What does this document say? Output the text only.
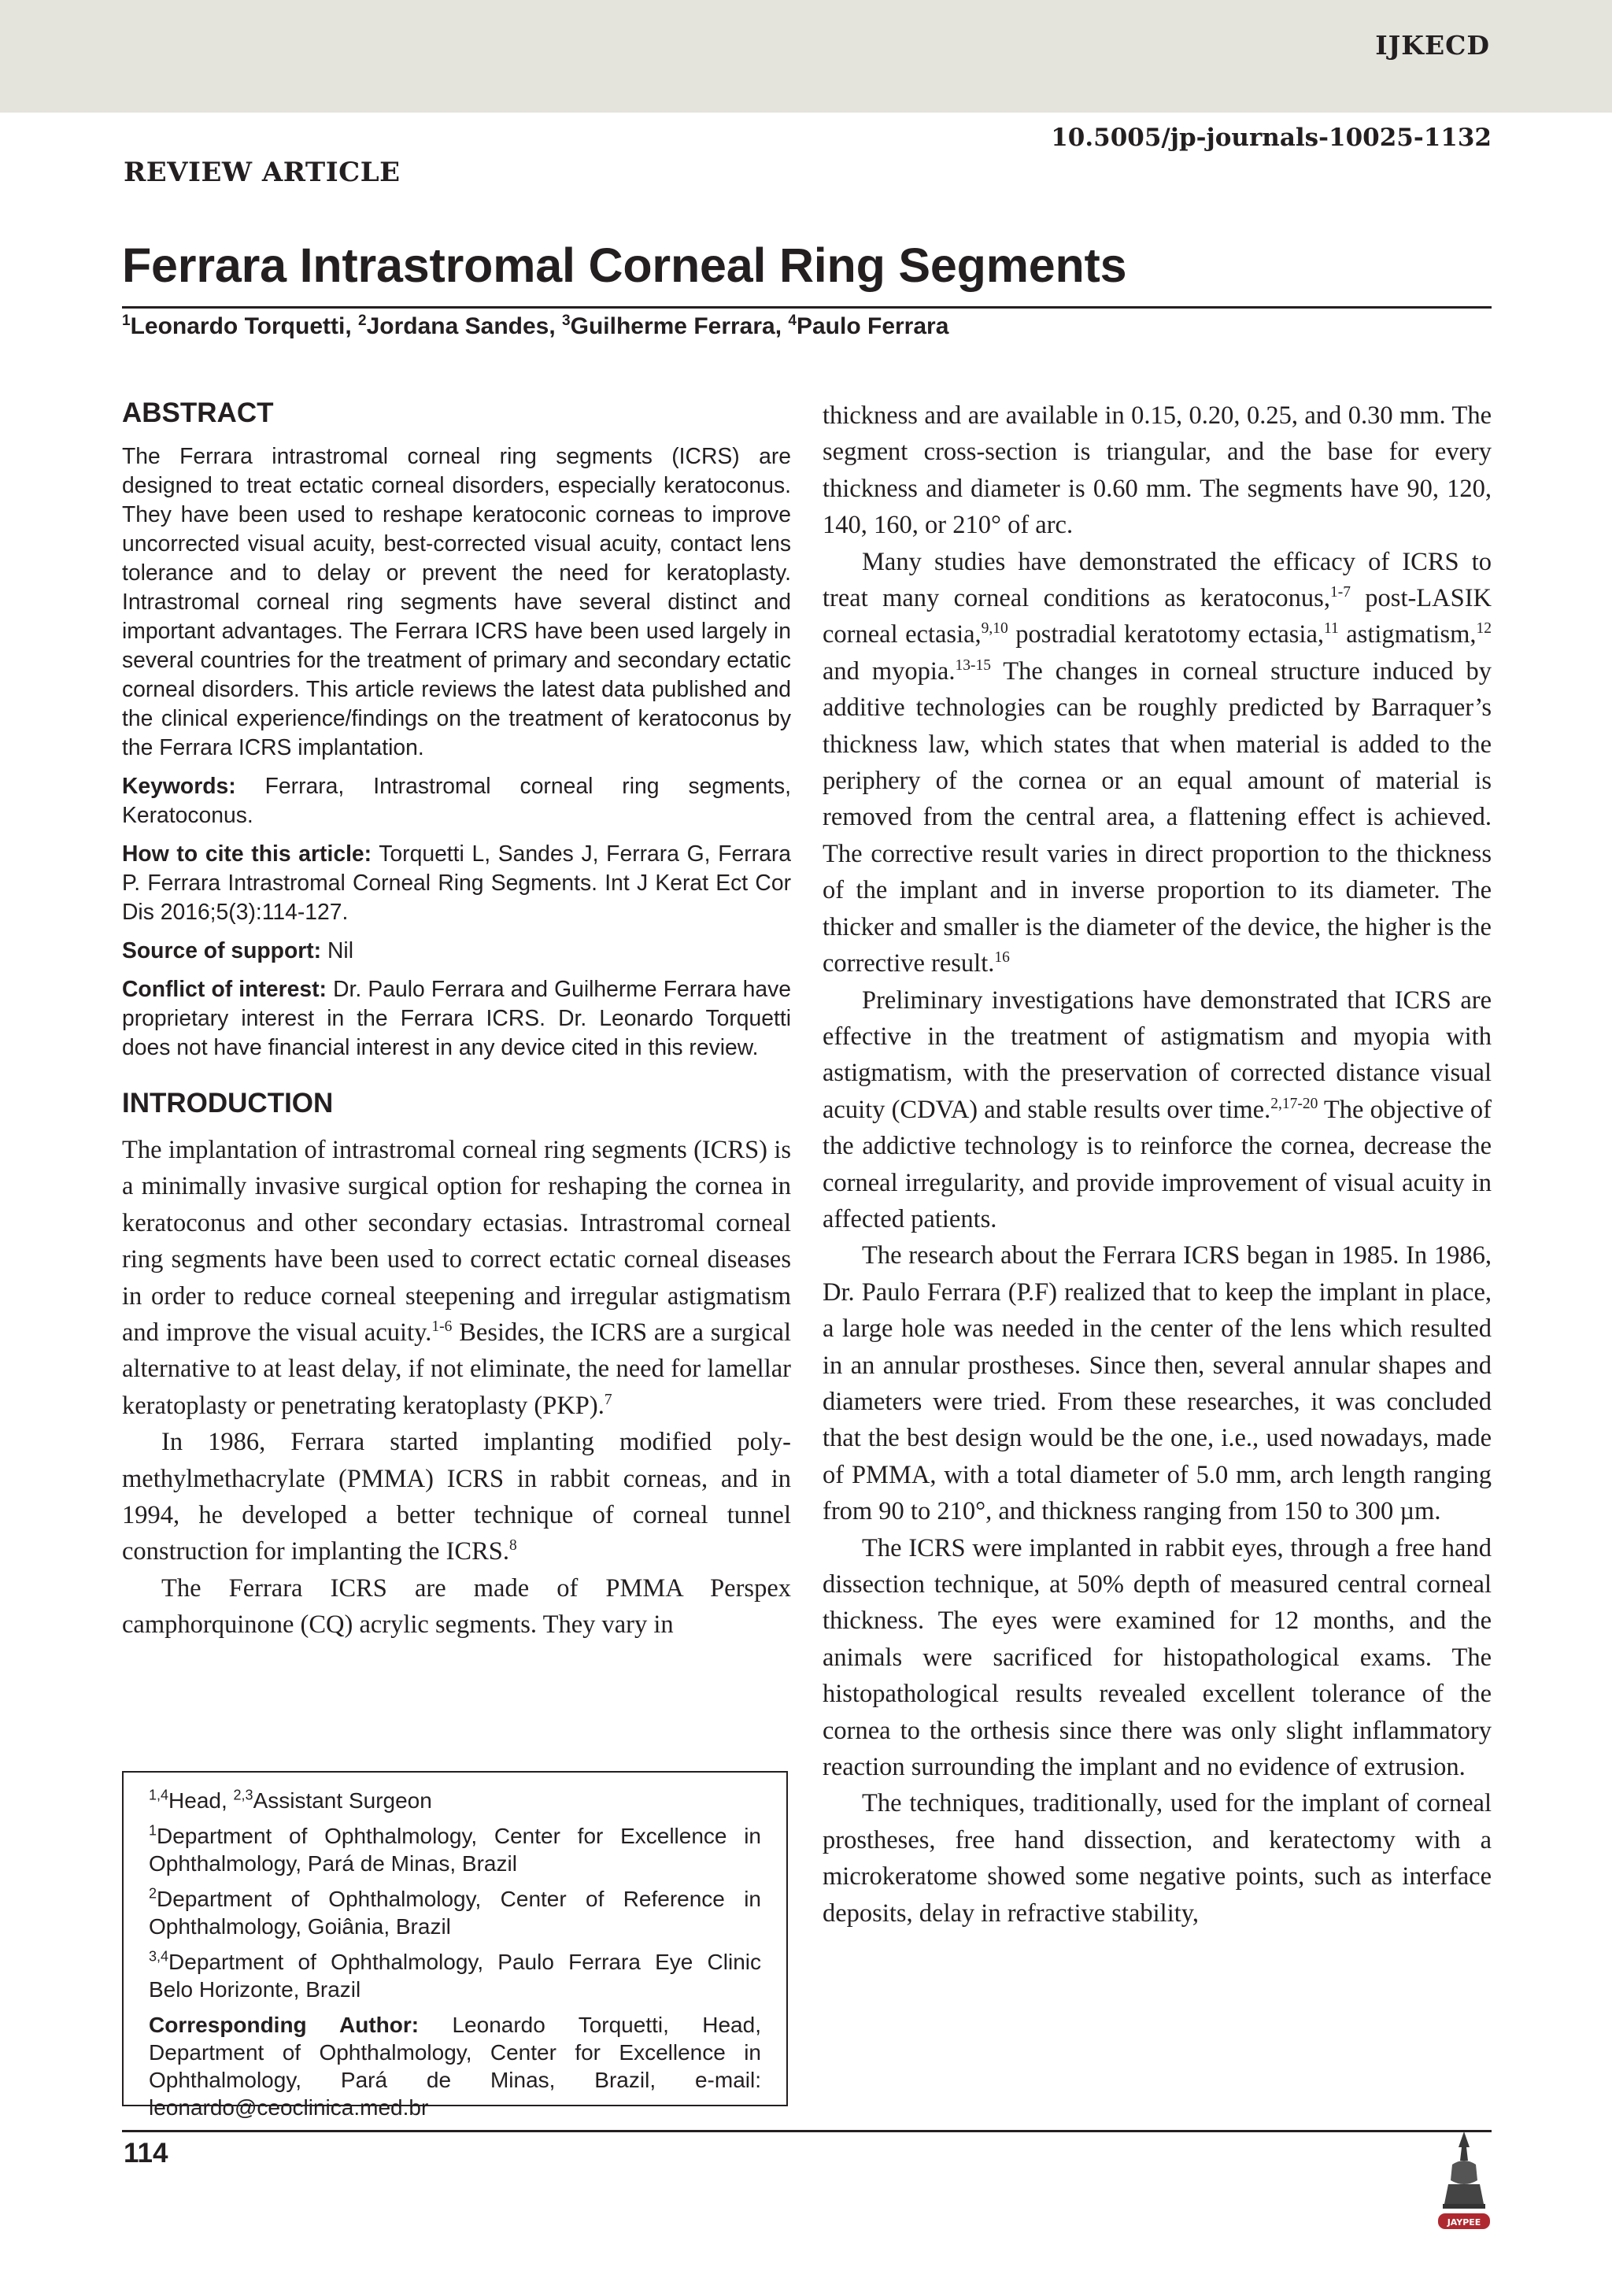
IJKECD
10.5005/jp-journals-10025-1132
REVIEW ARTICLE
Ferrara Intrastromal Corneal Ring Segments
$^1$Leonardo Torquetti, $^2$Jordana Sandes, $^3$Guilherme Ferrara, $^4$Paulo Ferrara
ABSTRACT

The Ferrara intrastromal corneal ring segments (ICRS) are designed to treat ectatic corneal disorders, especially keratoconus. They have been used to reshape keratoconic corneas to improve uncorrected visual acuity, best-corrected visual acuity, contact lens tolerance and to delay or prevent the need for keratoplasty. Intrastromal corneal ring segments have several distinct and important advantages. The Ferrara ICRS have been used largely in several countries for the treatment of primary and secondary ectatic corneal disorders. This article reviews the latest data published and the clinical experience/findings on the treatment of keratoconus by the Ferrara ICRS implantation.

Keywords: Ferrara, Intrastromal corneal ring segments, Keratoconus.

How to cite this article: Torquetti L, Sandes J, Ferrara G, Ferrara P. Ferrara Intrastromal Corneal Ring Segments. Int J Kerat Ect Cor Dis 2016;5(3):114-127.

Source of support: Nil

Conflict of interest: Dr. Paulo Ferrara and Guilherme Ferrara have proprietary interest in the Ferrara ICRS. Dr. Leonardo Torquetti does not have financial interest in any device cited in this review.

INTRODUCTION

The implantation of intrastromal corneal ring segments (ICRS) is a minimally invasive surgical option for reshaping the cornea in keratoconus and other secondary ectasias. Intrastromal corneal ring segments have been used to correct ectatic corneal diseases in order to reduce corneal steepening and irregular astigmatism and improve the visual acuity.$^{1-6}$ Besides, the ICRS are a surgical alternative to at least delay, if not eliminate, the need for lamellar keratoplasty or penetrating keratoplasty (PKP).$^7$

In 1986, Ferrara started implanting modified polymethylmethacrylate (PMMA) ICRS in rabbit corneas, and in 1994, he developed a better technique of corneal tunnel construction for implanting the ICRS.$^8$

The Ferrara ICRS are made of PMMA Perspex camphorquinone (CQ) acrylic segments. They vary in

$^{1,4}$Head, $^{2,3}$Assistant Surgeon

$^1$Department of Ophthalmology, Center for Excellence in Ophthalmology, Pará de Minas, Brazil

$^2$Department of Ophthalmology, Center of Reference in Ophthalmology, Goiânia, Brazil

$^{3,4}$Department of Ophthalmology, Paulo Ferrara Eye Clinic Belo Horizonte, Brazil

Corresponding Author: Leonardo Torquetti, Head, Department of Ophthalmology, Center for Excellence in Ophthalmology, Pará de Minas, Brazil, e-mail: leonardo@ceoclinica.med.br

thickness and are available in 0.15, 0.20, 0.25, and 0.30 mm. The segment cross-section is triangular, and the base for every thickness and diameter is 0.60 mm. The segments have 90, 120, 140, 160, or 210° of arc.

Many studies have demonstrated the efficacy of ICRS to treat many corneal conditions as keratoconus,$^{1-7}$ post-LASIK corneal ectasia,$^{9,10}$ postradial keratotomy ectasia,$^{11}$ astigmatism,$^{12}$ and myopia.$^{13-15}$ The changes in corneal structure induced by additive technologies can be roughly predicted by Barraquer’s thickness law, which states that when material is added to the periphery of the cornea or an equal amount of material is removed from the central area, a flattening effect is achieved. The corrective result varies in direct proportion to the thickness of the implant and in inverse proportion to its diameter. The thicker and smaller is the diameter of the device, the higher is the corrective result.$^{16}$

Preliminary investigations have demonstrated that ICRS are effective in the treatment of astigmatism and myopia with astigmatism, with the preservation of corrected distance visual acuity (CDVA) and stable results over time.$^{2,17-20}$ The objective of the addictive technology is to reinforce the cornea, decrease the corneal irregularity, and provide improvement of visual acuity in affected patients.

The research about the Ferrara ICRS began in 1985. In 1986, Dr. Paulo Ferrara (P.F) realized that to keep the implant in place, a large hole was needed in the center of the lens which resulted in an annular prostheses. Since then, several annular shapes and diameters were tried. From these researches, it was concluded that the best design would be the one, i.e., used nowadays, made of PMMA, with a total diameter of 5.0 mm, arch length ranging from 90 to 210°, and thickness ranging from 150 to 300 µm.

The ICRS were implanted in rabbit eyes, through a free hand dissection technique, at 50% depth of measured central corneal thickness. The eyes were examined for 12 months, and the animals were sacrificed for histopathological exams. The histopathological results revealed excellent tolerance of the cornea to the orthesis since there was only slight inflammatory reaction surrounding the implant and no evidence of extrusion.

The techniques, traditionally, used for the implant of corneal prostheses, free hand dissection, and keratectomy with a microkeratome showed some negative points, such as interface deposits, delay in refractive stability,

114
JAYPEE
